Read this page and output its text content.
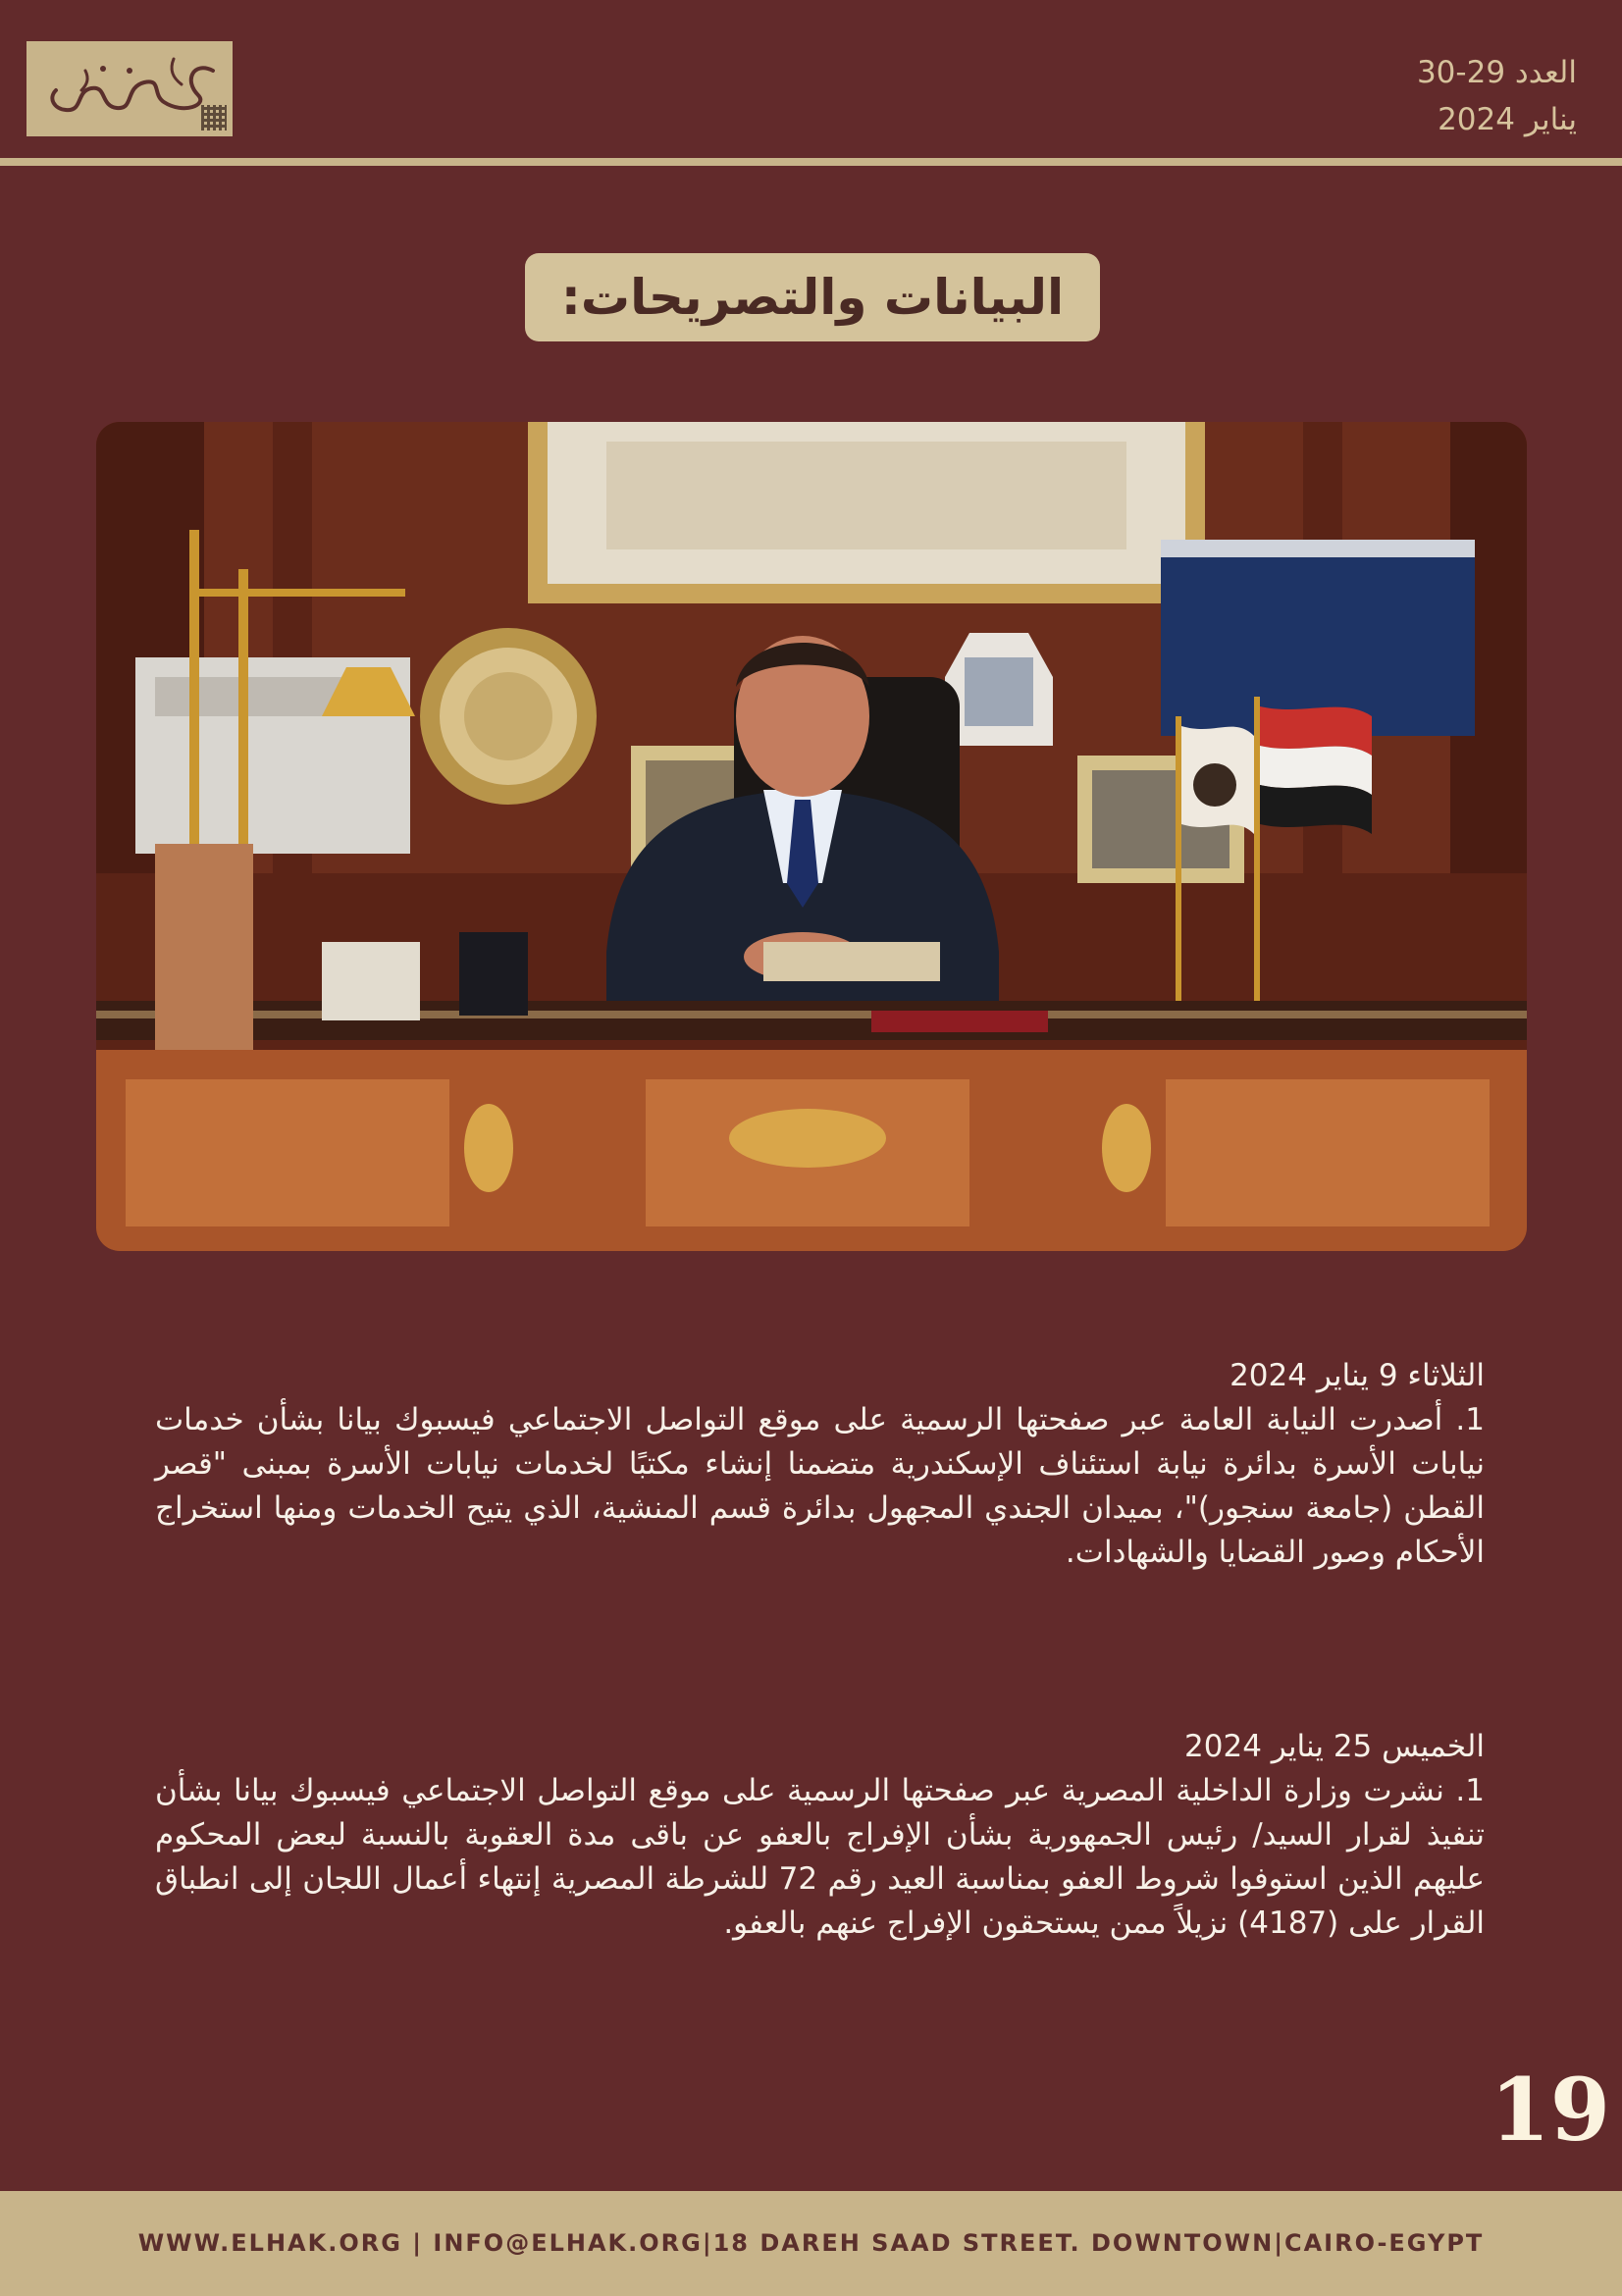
العدد 29-30
يناير 2024
البيانات والتصريحات:
الثلاثاء 9 يناير 2024

1. أصدرت النيابة العامة عبر صفحتها الرسمية على موقع التواصل الاجتماعي فيسبوك بيانا بشأن خدمات نيابات الأسرة بدائرة نيابة استئناف الإسكندرية متضمنا إنشاء مكتبًا لخدمات نيابات الأسرة بمبنى "قصر القطن (جامعة سنجور)"، بميدان الجندي المجهول بدائرة قسم المنشية، الذي يتيح الخدمات ومنها استخراج الأحكام وصور القضايا والشهادات.

الخميس 25 يناير 2024

1. نشرت وزارة الداخلية المصرية عبر صفحتها الرسمية على موقع التواصل الاجتماعي فيسبوك بيانا بشأن تنفيذ لقرار السيد/ رئيس الجمهورية بشأن الإفراج بالعفو عن باقى مدة العقوبة بالنسبة لبعض المحكوم عليهم الذين استوفوا شروط العفو بمناسبة العيد رقم 72 للشرطة المصرية إنتهاء أعمال اللجان إلى انطباق القرار على (4187) نزيلاً ممن يستحقون الإفراج عنهم بالعفو.

19
WWW.ELHAK.ORG | INFO@ELHAK.ORG|18 DAREH SAAD STREET. DOWNTOWN|CAIRO-EGYPT
